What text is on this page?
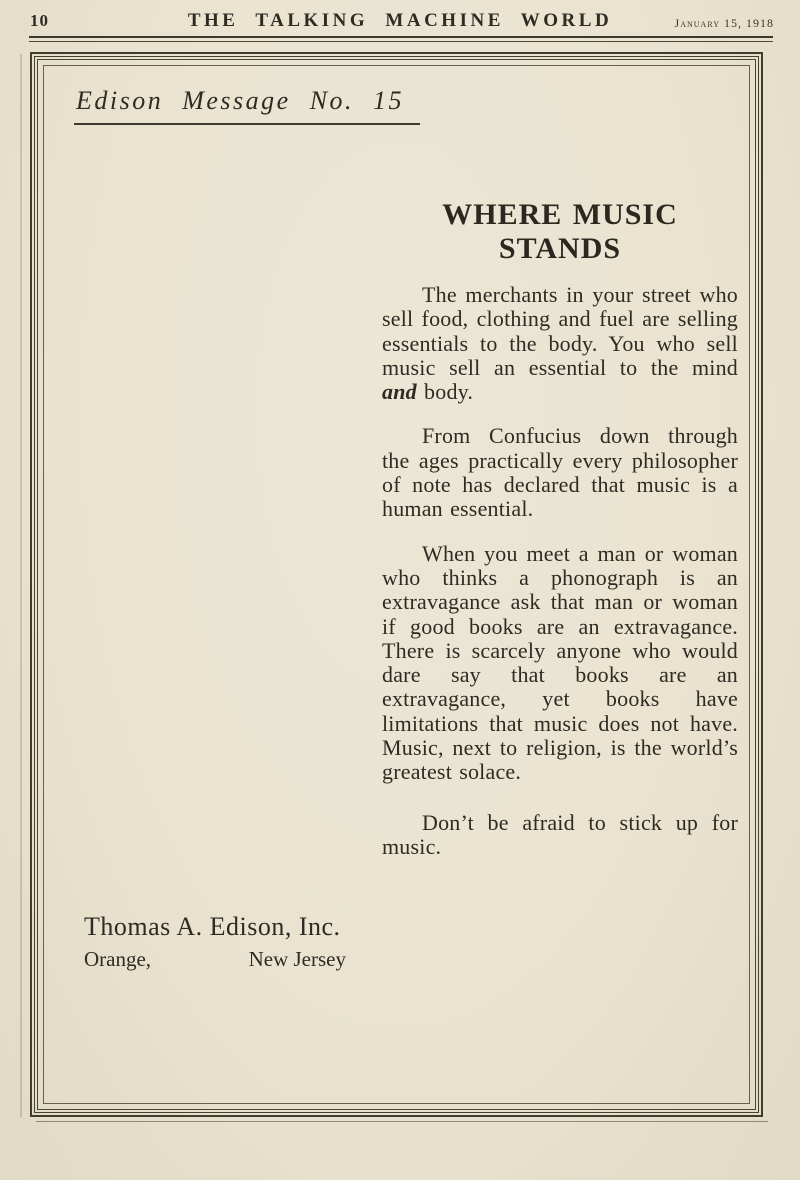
10	THE TALKING MACHINE WORLD	January 15, 1918
Edison Message No. 15
WHERE MUSIC STANDS

The merchants in your street who sell food, clothing and fuel are selling essentials to the body. You who sell music sell an essential to the mind and body.

From Confucius down through the ages practically every philosopher of note has declared that music is a human essential.

When you meet a man or woman who thinks a phonograph is an extravagance ask that man or woman if good books are an extravagance. There is scarcely anyone who would dare say that books are an extravagance, yet books have limitations that music does not have. Music, next to religion, is the world’s greatest solace.

Don’t be afraid to stick up for music.

Thomas A. Edison, Inc.
Orange,	New Jersey
